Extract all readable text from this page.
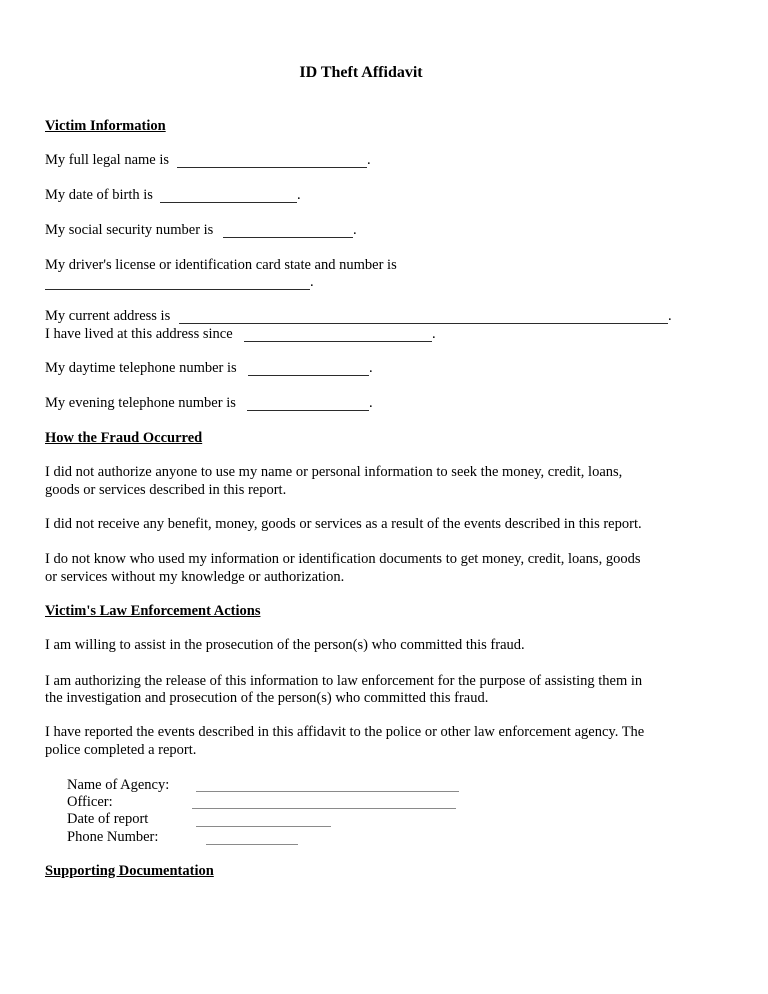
ID Theft Affidavit
Victim Information
My full legal name is	.
My date of birth is	.
My social security number is	.
My driver's license or identification card state and number is
.
My current address is	.
I have lived at this address since	.
My daytime telephone number is	.
My evening telephone number is	.
How the Fraud Occurred
I did not authorize anyone to use my name or personal information to seek the money, credit, loans,
goods or services described in this report.
I did not receive any benefit, money, goods or services as a result of the events described in this report.
I do not know who used my information or identification documents to get money, credit, loans, goods
or services without my knowledge or authorization.
Victim's Law Enforcement Actions
I am willing to assist in the prosecution of the person(s) who committed this fraud.
I am authorizing the release of this information to law enforcement for the purpose of assisting them in
the investigation and prosecution of the person(s) who committed this fraud.
I have reported the events described in this affidavit to the police or other law enforcement agency. The
police completed a report.
Name of Agency:
Officer:
Date of report
Phone Number:
Supporting Documentation
